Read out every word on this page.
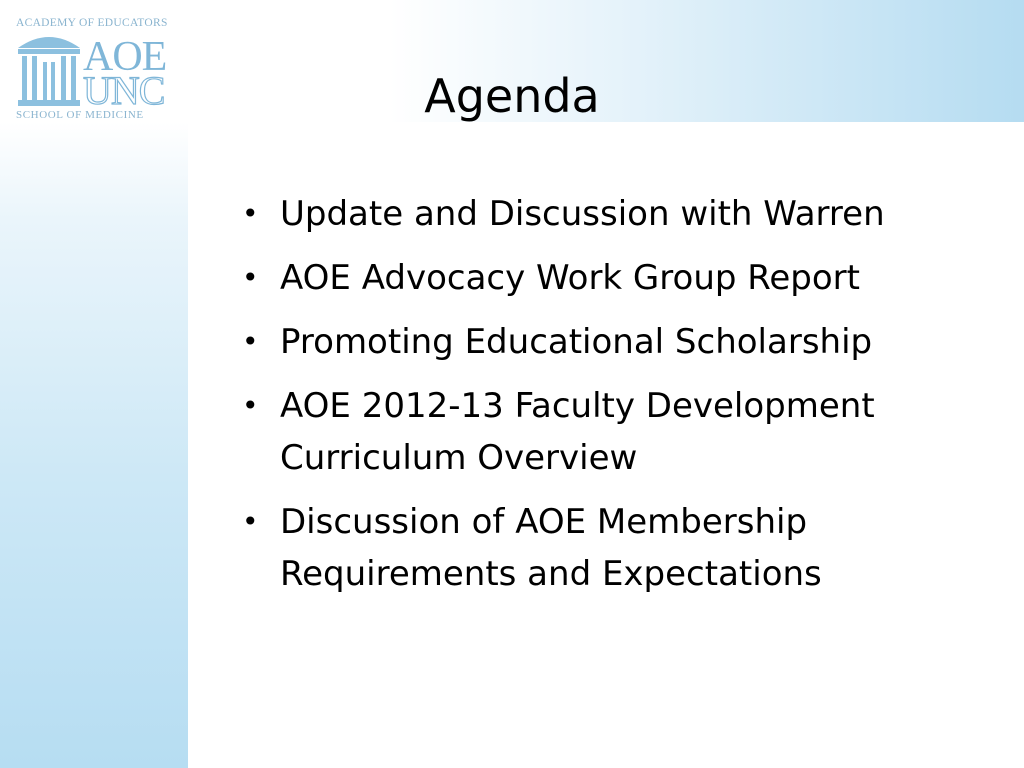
ACADEMY OF EDUCATORS
AOE
UNC
SCHOOL OF MEDICINE	Agenda
• Update and Discussion with Warren
• AOE Advocacy Work Group Report
• Promoting Educational Scholarship
• AOE 2012-13 Faculty Development
Curriculum Overview
• Discussion of AOE Membership
Requirements and Expectations
